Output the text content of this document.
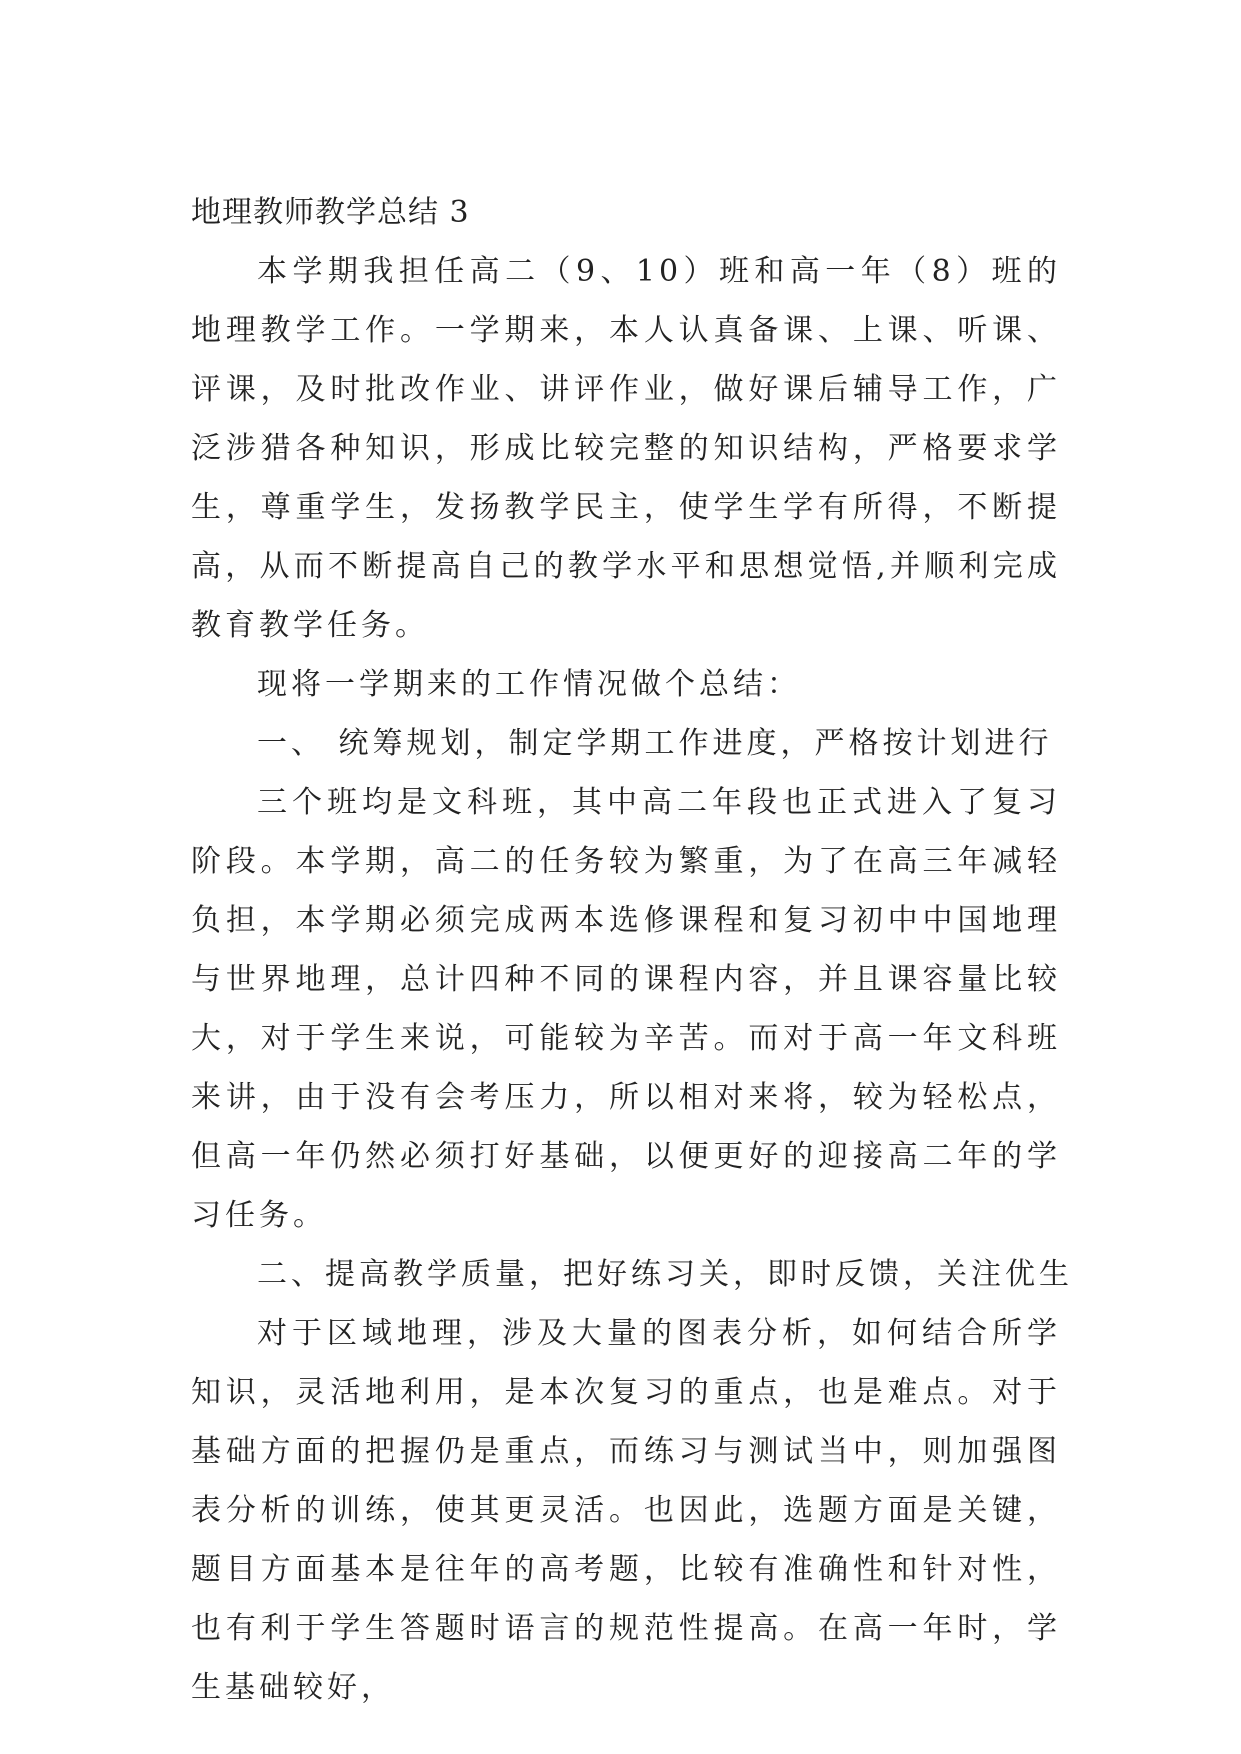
地理教师教学总结 3

本学期我担任高二（9、10）班和高一年（8）班的地理教学工作。一学期来，本人认真备课、上课、听课、评课，及时批改作业、讲评作业，做好课后辅导工作，广泛涉猎各种知识，形成比较完整的知识结构，严格要求学生，尊重学生，发扬教学民主，使学生学有所得，不断提高，从而不断提高自己的教学水平和思想觉悟,并顺利完成教育教学任务。

现将一学期来的工作情况做个总结：

一、 统筹规划，制定学期工作进度，严格按计划进行

三个班均是文科班，其中高二年段也正式进入了复习阶段。本学期，高二的任务较为繁重，为了在高三年减轻负担，本学期必须完成两本选修课程和复习初中中国地理与世界地理，总计四种不同的课程内容，并且课容量比较大，对于学生来说，可能较为辛苦。而对于高一年文科班来讲，由于没有会考压力，所以相对来将，较为轻松点，但高一年仍然必须打好基础，以便更好的迎接高二年的学习任务。

二、提高教学质量，把好练习关，即时反馈，关注优生

对于区域地理，涉及大量的图表分析，如何结合所学知识，灵活地利用，是本次复习的重点，也是难点。对于基础方面的把握仍是重点，而练习与测试当中，则加强图表分析的训练，使其更灵活。也因此，选题方面是关键，题目方面基本是往年的高考题，比较有准确性和针对性，也有利于学生答题时语言的规范性提高。在高一年时，学生基础较好，
